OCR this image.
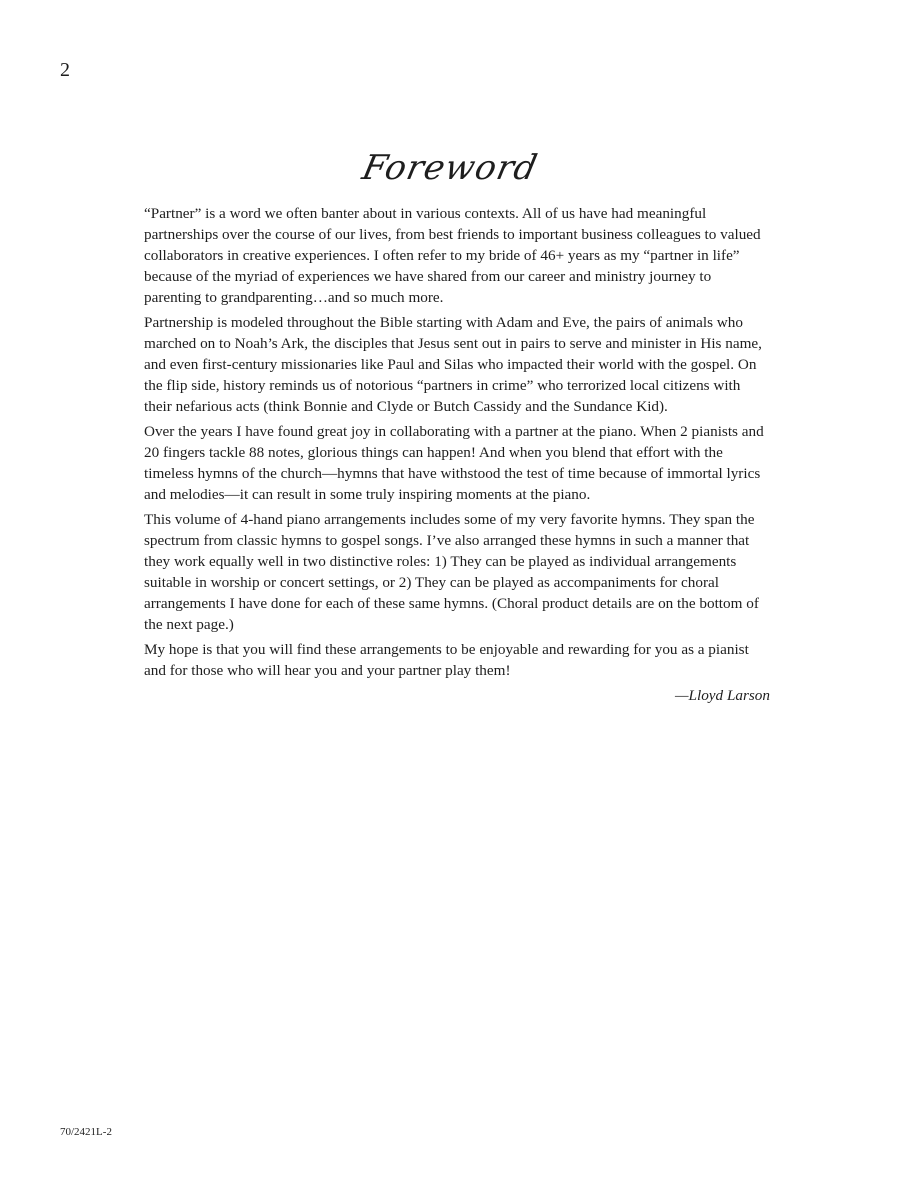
2
Foreword

“Partner” is a word we often banter about in various contexts. All of us have had meaningful partnerships over the course of our lives, from best friends to important business colleagues to valued collaborators in creative experiences. I often refer to my bride of 46+ years as my “partner in life” because of the myriad of experiences we have shared from our career and ministry journey to parenting to grandparenting…and so much more.

Partnership is modeled throughout the Bible starting with Adam and Eve, the pairs of animals who marched on to Noah’s Ark, the disciples that Jesus sent out in pairs to serve and minister in His name, and even first-century missionaries like Paul and Silas who impacted their world with the gospel. On the flip side, history reminds us of notorious “partners in crime” who terrorized local citizens with their nefarious acts (think Bonnie and Clyde or Butch Cassidy and the Sundance Kid).

Over the years I have found great joy in collaborating with a partner at the piano. When 2 pianists and 20 fingers tackle 88 notes, glorious things can happen! And when you blend that effort with the timeless hymns of the church—hymns that have withstood the test of time because of immortal lyrics and melodies—it can result in some truly inspiring moments at the piano.

This volume of 4-hand piano arrangements includes some of my very favorite hymns. They span the spectrum from classic hymns to gospel songs. I’ve also arranged these hymns in such a manner that they work equally well in two distinctive roles: 1) They can be played as individual arrangements suitable in worship or concert settings, or 2) They can be played as accompaniments for choral arrangements I have done for each of these same hymns. (Choral product details are on the bottom of the next page.)

My hope is that you will find these arrangements to be enjoyable and rewarding for you as a pianist and for those who will hear you and your partner play them!

—Lloyd Larson

70/2421L-2
